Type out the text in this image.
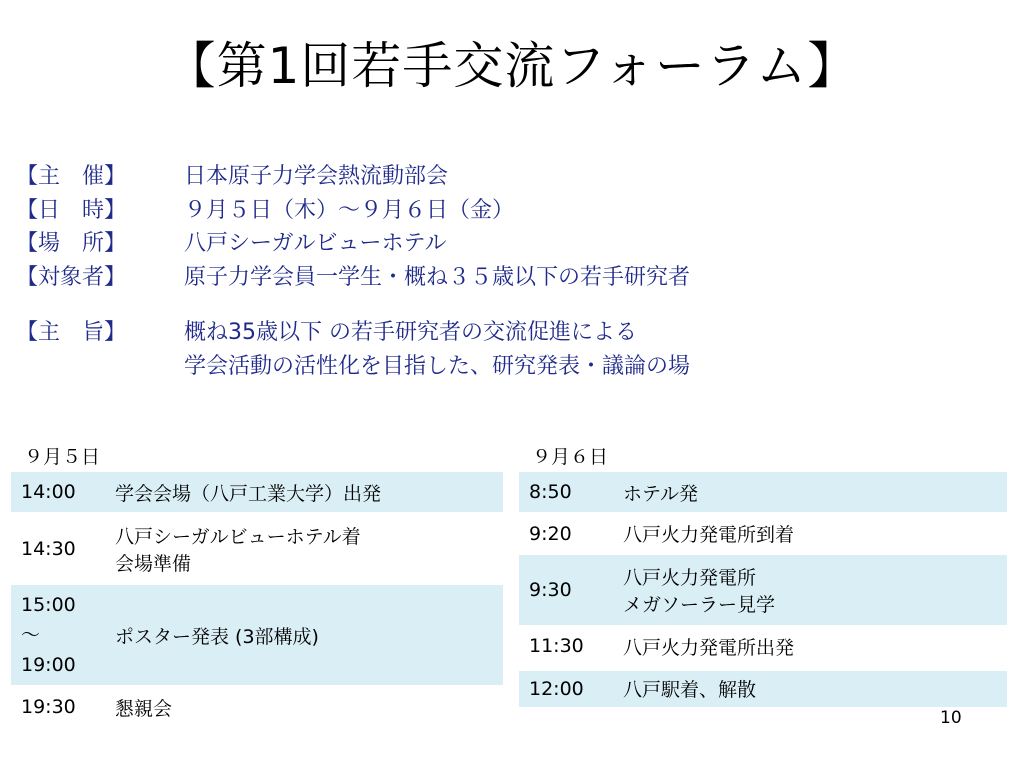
【第1回若手交流フォーラム】
【主　催】	日本原子力学会熱流動部会
【日　時】	９月５日（木）～９月６日（金）
【場　所】	八戸シーガルビューホテル
【対象者】	原子力学会員一学生・概ね３５歳以下の若手研究者
【主　旨】	概ね35歳以下 の若手研究者の交流促進による
学会活動の活性化を目指した、研究発表・議論の場
９月５日	９月６日
14:00	学会会場（八戸工業大学）出発
14:30	八戸シーガルビューホテル着
会場準備

15:00
～
19:00	ポスター発表 (3部構成)
19:30	懇親会
8:50	ホテル発
9:20	八戸火力発電所到着
9:30	八戸火力発電所
メガソーラー見学

11:30	八戸火力発電所出発
12:00	八戸駅着、解散
10
